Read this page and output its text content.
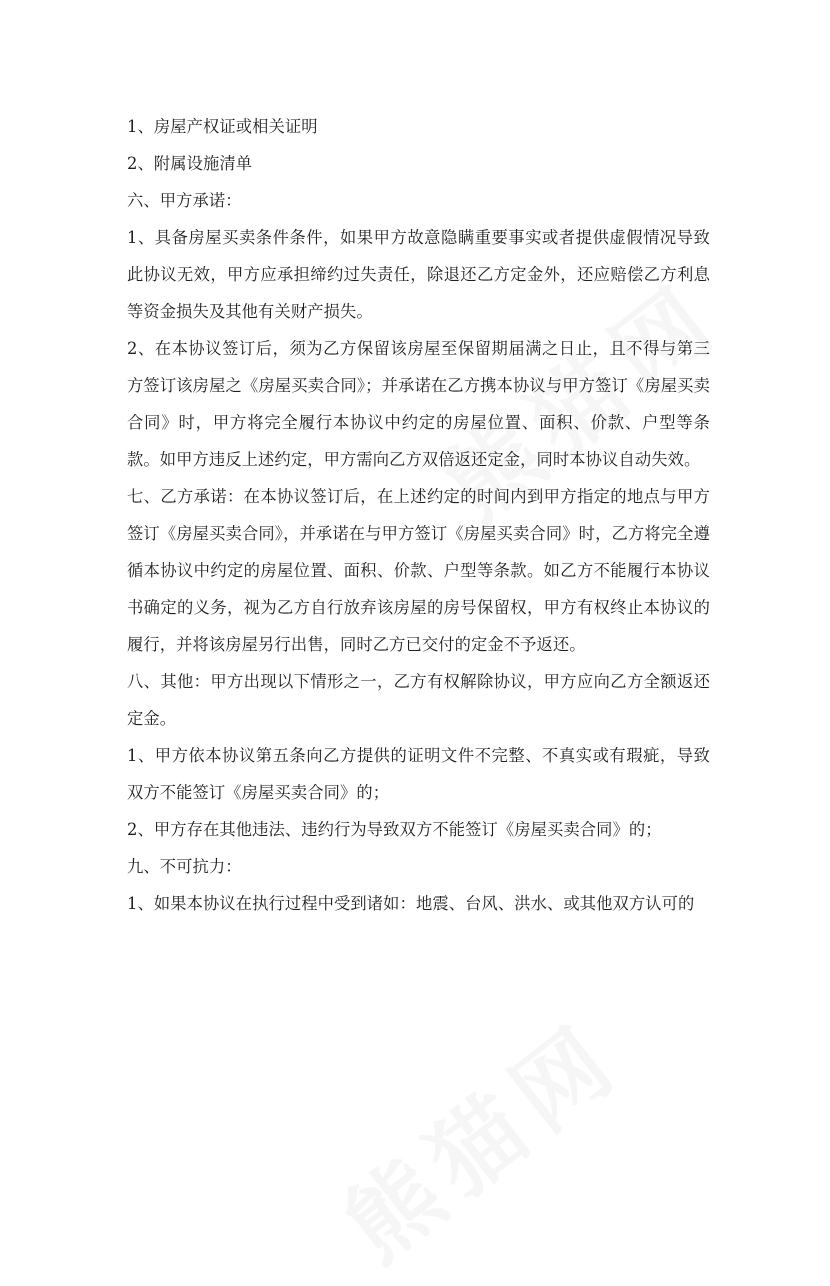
1、房屋产权证或相关证明

2、附属设施清单

六、甲方承诺：

1、具备房屋买卖条件条件，如果甲方故意隐瞒重要事实或者提供虚假情况导致此协议无效，甲方应承担缔约过失责任，除退还乙方定金外，还应赔偿乙方利息等资金损失及其他有关财产损失。

2、在本协议签订后，须为乙方保留该房屋至保留期届满之日止，且不得与第三方签订该房屋之《房屋买卖合同》；并承诺在乙方携本协议与甲方签订《房屋买卖合同》时，甲方将完全履行本协议中约定的房屋位置、面积、价款、户型等条款。如甲方违反上述约定，甲方需向乙方双倍返还定金，同时本协议自动失效。

七、乙方承诺：在本协议签订后，在上述约定的时间内到甲方指定的地点与甲方签订《房屋买卖合同》，并承诺在与甲方签订《房屋买卖合同》时，乙方将完全遵循本协议中约定的房屋位置、面积、价款、户型等条款。如乙方不能履行本协议书确定的义务，视为乙方自行放弃该房屋的房号保留权，甲方有权终止本协议的履行，并将该房屋另行出售，同时乙方已交付的定金不予返还。

八、其他：甲方出现以下情形之一，乙方有权解除协议，甲方应向乙方全额返还定金。

1、甲方依本协议第五条向乙方提供的证明文件不完整、不真实或有瑕疵，导致双方不能签订《房屋买卖合同》的；

2、甲方存在其他违法、违约行为导致双方不能签订《房屋买卖合同》的；

九、不可抗力：

1、如果本协议在执行过程中受到诸如：地震、台风、洪水、或其他双方认可的
